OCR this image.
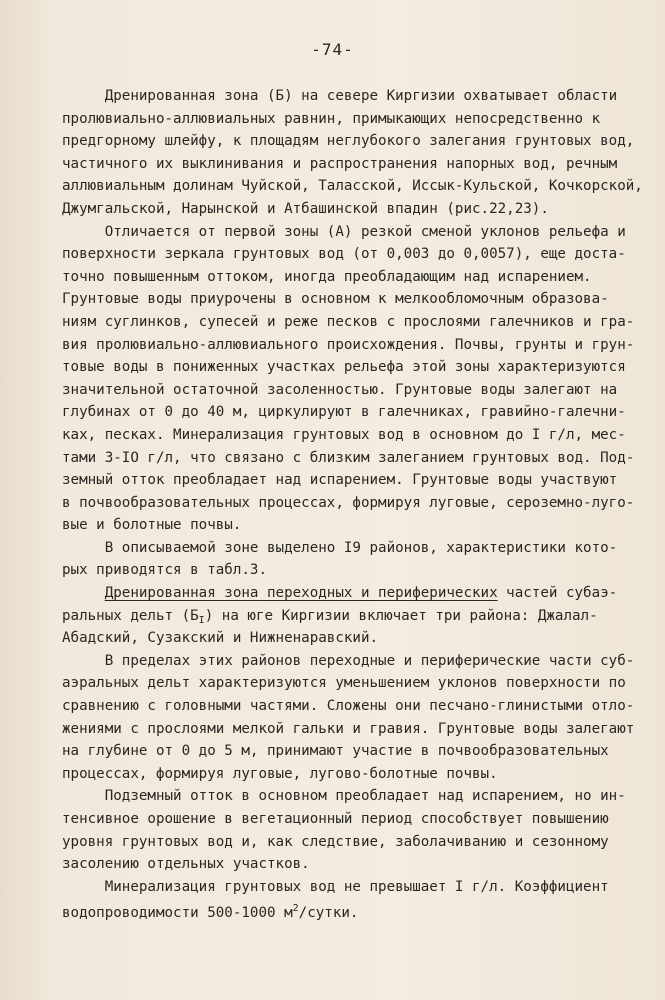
-74-
Дренированная зона (Б) на севере Киргизии охватывает области
пролювиально-аллювиальных равнин, примыкающих непосредственно к
предгорному шлейфу, к площадям неглубокого залегания грунтовых вод,
частичного их выклинивания и распространения напорных вод, речным
аллювиальным долинам Чуйской, Таласской, Иссык-Кульской, Кочкорской,
Джумгальской, Нарынской и Атбашинской впадин (рис.22,23).
Отличается от первой зоны (А) резкой сменой уклонов рельефа и
поверхности зеркала грунтовых вод (от 0,003 до 0,0057), еще доста-
точно повышенным оттоком, иногда преобладающим над испарением.
Грунтовые воды приурочены в основном к мелкообломочным образова-
ниям суглинков, супесей и реже песков с прослоями галечников и гра-
вия пролювиально-аллювиального происхождения. Почвы, грунты и грун-
товые воды в пониженных участках рельефа этой зоны характеризуются
значительной остаточной засоленностью. Грунтовые воды залегают на
глубинах от 0 до 40 м, циркулируют в галечниках, гравийно-галечни-
ках, песках. Минерализация грунтовых вод в основном до I г/л, мес-
тами 3-IO г/л, что связано с близким залеганием грунтовых вод. Под-
земный отток преобладает над испарением. Грунтовые воды участвуют
в почвообразовательных процессах, формируя луговые, сероземно-луго-
вые и болотные почвы.
В описываемой зоне выделено I9 районов, характеристики кото-
рых приводятся в табл.3.
Дренированная зона переходных и периферических частей субаэ-
ральных дельт $(Б_I)$ на юге Киргизии включает три района: Джалал-
Абадский, Сузакский и Нижненаравский.
В пределах этих районов переходные и периферические части суб-
аэральных дельт характеризуются уменьшением уклонов поверхности по
сравнению с головными частями. Сложены они песчано-глинистыми отло-
жениями с прослоями мелкой гальки и гравия. Грунтовые воды залегают
на глубине от 0 до 5 м, принимают участие в почвообразовательных
процессах, формируя луговые, лугово-болотные почвы.
Подземный отток в основном преобладает над испарением, но ин-
тенсивное орошение в вегетационный период способствует повышению
уровня грунтовых вод и, как следствие, заболачиванию и сезонному
засолению отдельных участков.
Минерализация грунтовых вод не превышает I г/л. Коэффициент
водопроводимости 500-1000 $м^2$/сутки.
